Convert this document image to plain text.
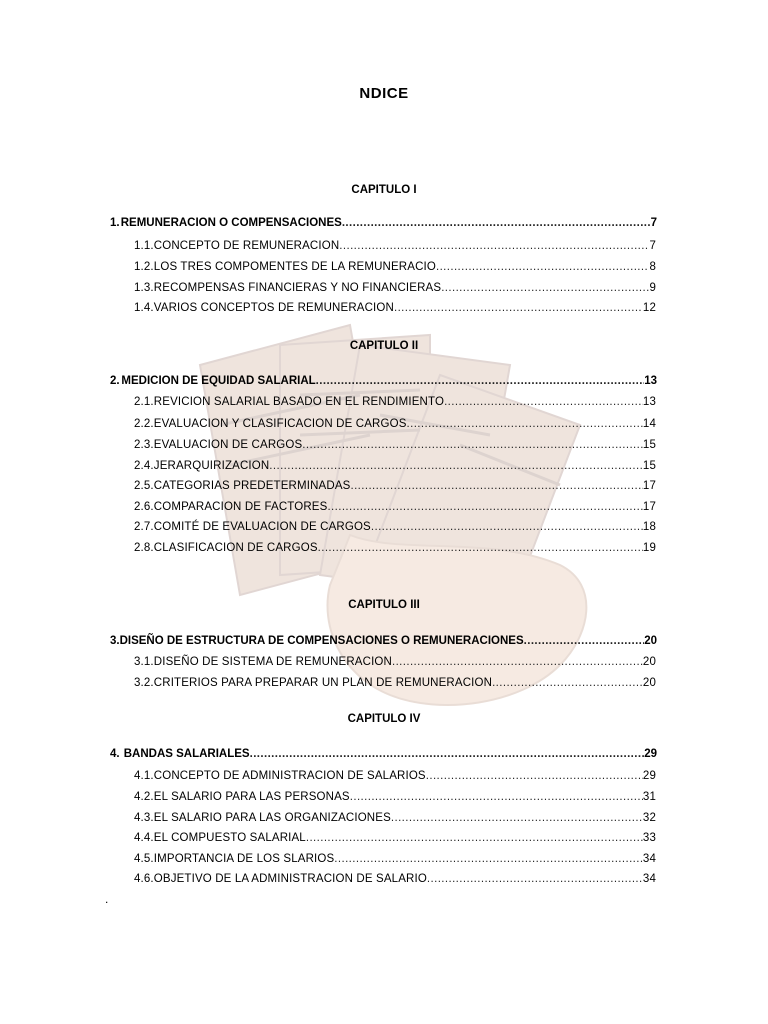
NDICE
CAPITULO I
1. REMUNERACION O COMPENSACIONES .....	7
1.1. CONCEPTO DE REMUNERACION .....	7
1.2. LOS TRES COMPOMENTES DE LA REMUNERACIO .....	8
1.3. RECOMPENSAS FINANCIERAS Y NO FINANCIERAS .....	9
1.4. VARIOS CONCEPTOS DE REMUNERACION .....	12
CAPITULO II
2. MEDICION DE EQUIDAD SALARIAL .....	13
2.1. REVICION SALARIAL BASADO EN EL RENDIMIENTO .....	13
2.2. EVALUACION Y CLASIFICACION DE CARGOS .....	14
2.3. EVALUACION DE CARGOS .....	15
2.4. JERARQUIRIZACION .....	15
2.5. CATEGORIAS PREDETERMINADAS .....	17
2.6. COMPARACION DE FACTORES .....	17
2.7. COMITÉ DE EVALUACION DE CARGOS .....	18
2.8. CLASIFICACION DE CARGOS .....	19
CAPITULO III
3. DISEÑO DE ESTRUCTURA DE COMPENSACIONES O REMUNERACIONES .....	20
3.1. DISEÑO DE SISTEMA DE REMUNERACION .....	20
3.2. CRITERIOS PARA PREPARAR UN PLAN DE REMUNERACION .....	20
CAPITULO IV
4. BANDAS SALARIALES .....	29
4.1. CONCEPTO DE ADMINISTRACION DE SALARIOS .....	29
4.2. EL SALARIO PARA LAS PERSONAS .....	31
4.3. EL SALARIO PARA LAS ORGANIZACIONES .....	32
4.4. EL COMPUESTO SALARIAL .....	33
4.5. IMPORTANCIA DE LOS SLARIOS .....	34
4.6. OBJETIVO DE LA ADMINISTRACION DE SALARIO .....	34
.
